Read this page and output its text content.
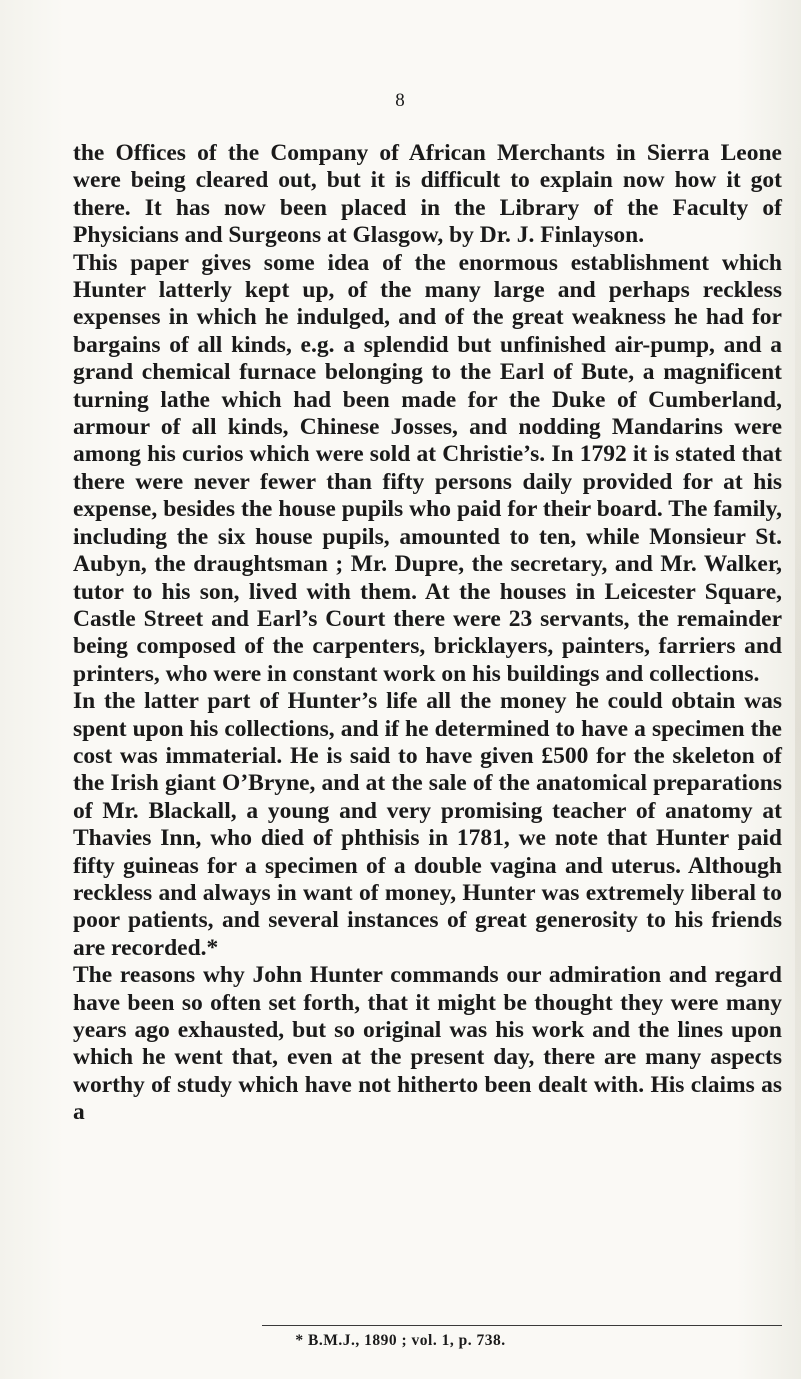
8

the Offices of the Company of African Merchants in Sierra Leone were being cleared out, but it is difficult to explain now how it got there. It has now been placed in the Library of the Faculty of Physicians and Surgeons at Glasgow, by Dr. J. Finlayson.

This paper gives some idea of the enormous establishment which Hunter latterly kept up, of the many large and perhaps reckless expenses in which he indulged, and of the great weakness he had for bargains of all kinds, e.g. a splendid but unfinished air-pump, and a grand chemical furnace belonging to the Earl of Bute, a magnificent turning lathe which had been made for the Duke of Cumberland, armour of all kinds, Chinese Josses, and nodding Mandarins were among his curios which were sold at Christie’s. In 1792 it is stated that there were never fewer than fifty persons daily provided for at his expense, besides the house pupils who paid for their board. The family, including the six house pupils, amounted to ten, while Monsieur St. Aubyn, the draughtsman ; Mr. Dupre, the secretary, and Mr. Walker, tutor to his son, lived with them. At the houses in Leicester Square, Castle Street and Earl’s Court there were 23 servants, the remainder being composed of the carpenters, bricklayers, painters, farriers and printers, who were in constant work on his buildings and collections.

In the latter part of Hunter’s life all the money he could obtain was spent upon his collections, and if he determined to have a specimen the cost was immaterial. He is said to have given £500 for the skeleton of the Irish giant O’Bryne, and at the sale of the anatomical preparations of Mr. Blackall, a young and very promising teacher of anatomy at Thavies Inn, who died of phthisis in 1781, we note that Hunter paid fifty guineas for a specimen of a double vagina and uterus. Although reckless and always in want of money, Hunter was extremely liberal to poor patients, and several instances of great generosity to his friends are recorded.*

The reasons why John Hunter commands our admiration and regard have been so often set forth, that it might be thought they were many years ago exhausted, but so original was his work and the lines upon which he went that, even at the present day, there are many aspects worthy of study which have not hitherto been dealt with. His claims as a

* B.M.J., 1890 ; vol. 1, p. 738.
